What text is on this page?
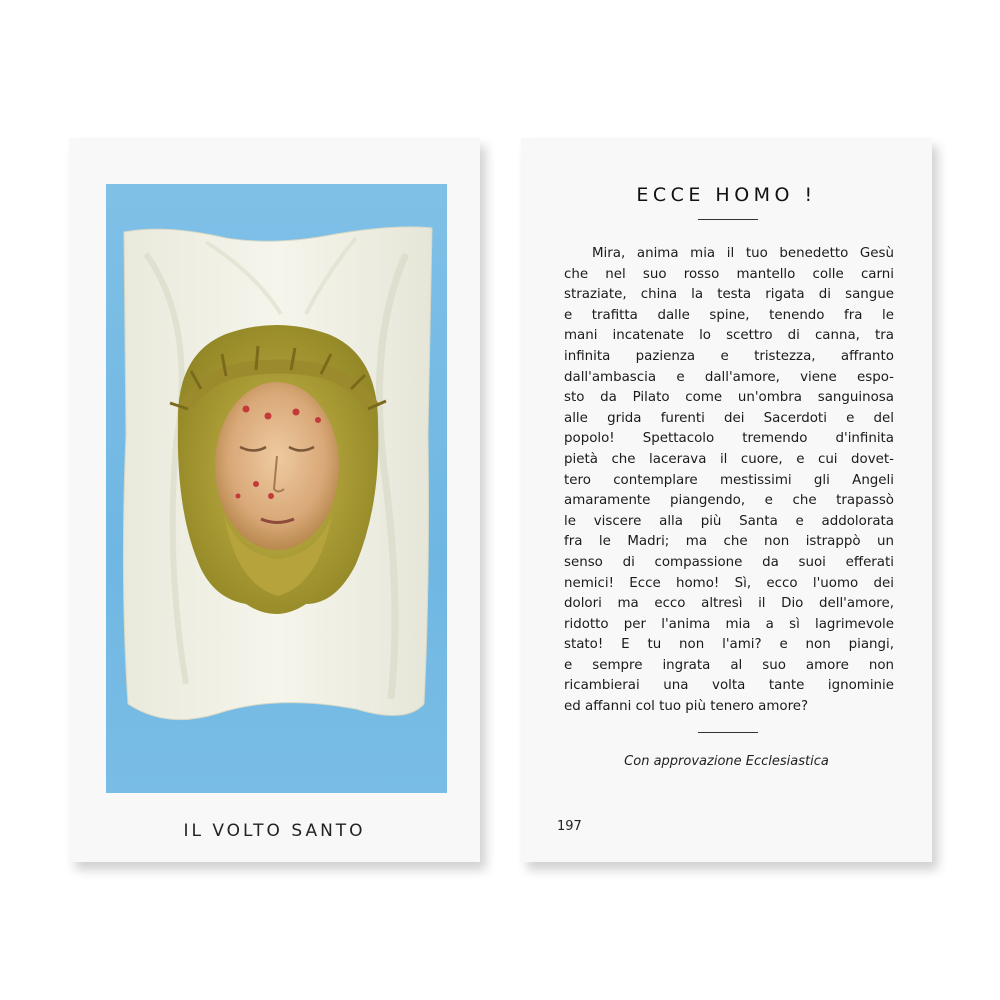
IL VOLTO SANTO
ECCE HOMO !
Mira, anima mia il tuo benedetto Gesù
che nel suo rosso mantello colle carni
straziate, china la testa rigata di sangue
e trafitta dalle spine, tenendo fra le
mani incatenate lo scettro di canna, tra
infinita pazienza e tristezza, affranto
dall'ambascia e dall'amore, viene espo-
sto da Pilato come un'ombra sanguinosa
alle grida furenti dei Sacerdoti e del
popolo! Spettacolo tremendo d'infinita
pietà che lacerava il cuore, e cui dovet-
tero contemplare mestissimi gli Angeli
amaramente piangendo, e che trapassò
le viscere alla più Santa e addolorata
fra le Madri; ma che non istrappò un
senso di compassione da suoi efferati
nemici! Ecce homo! Sì, ecco l'uomo dei
dolori ma ecco altresì il Dio dell'amore,
ridotto per l'anima mia a sì lagrimevole
stato! E tu non l'ami? e non piangi,
e sempre ingrata al suo amore non
ricambierai una volta tante ignominie
ed affanni col tuo più tenero amore?
Con approvazione Ecclesiastica
197
